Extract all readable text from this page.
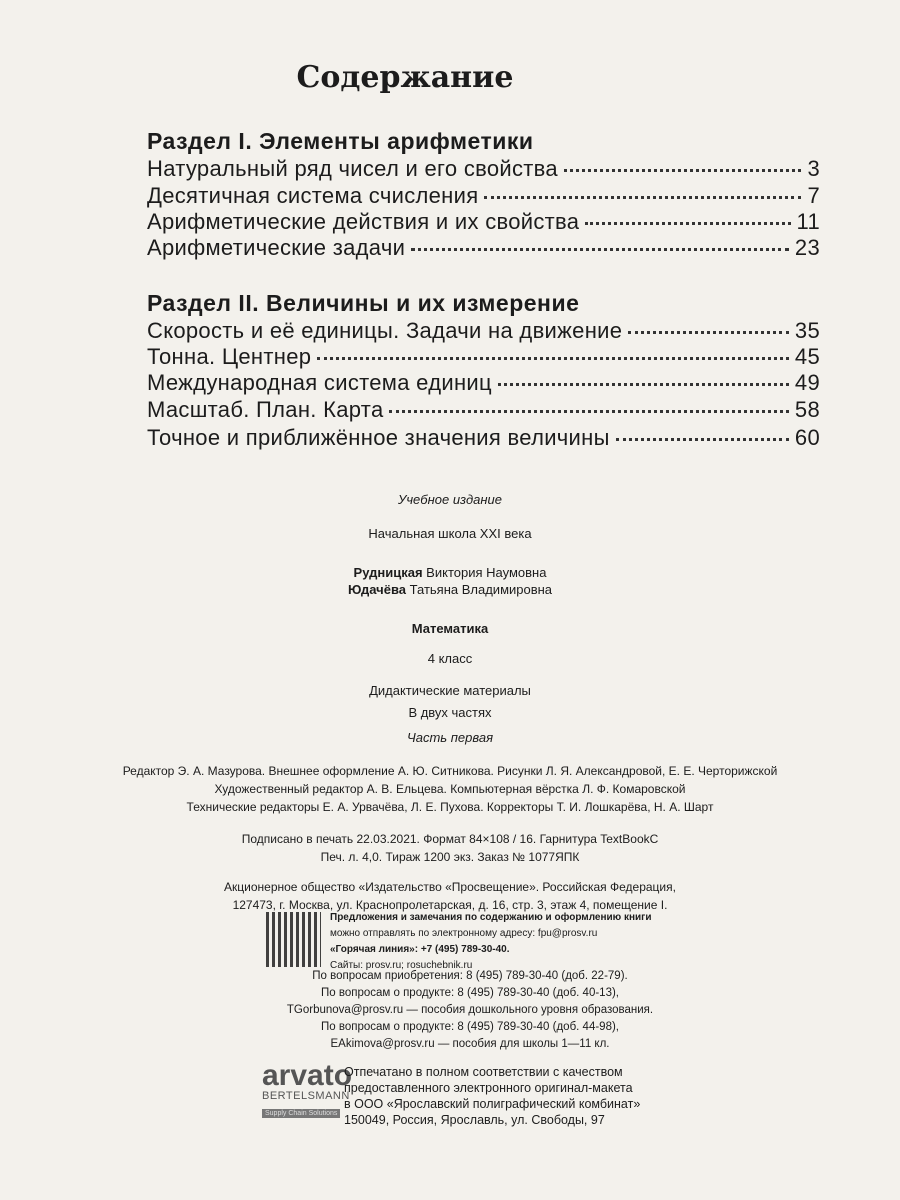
Содержание
Раздел I. Элементы арифметики
Натуральный ряд чисел и его свойства	3
Десятичная система счисления	7
Арифметические действия и их свойства	11
Арифметические задачи	23
Раздел II. Величины и их измерение
Скорость и её единицы. Задачи на движение	35
Тонна. Центнер	45
Международная система единиц	49
Масштаб. План. Карта	58
Точное и приближённое значения величины	60
Учебное издание
Начальная школа XXI века
Рудницкая Виктория Наумовна
Юдачёва Татьяна Владимировна
Математика
4 класс
Дидактические материалы
В двух частях
Часть первая
Редактор Э. А. Мазурова. Внешнее оформление А. Ю. Ситникова. Рисунки Л. Я. Александровой, Е. Е. Черторижской
Художественный редактор А. В. Ельцева. Компьютерная вёрстка Л. Ф. Комаровской
Технические редакторы Е. А. Урвачёва, Л. Е. Пухова. Корректоры Т. И. Лошкарёва, Н. А. Шарт
Подписано в печать 22.03.2021. Формат 84×108 / 16. Гарнитура TextBookC
Печ. л. 4,0. Тираж 1200 экз. Заказ № 1077ЯПК
Акционерное общество «Издательство «Просвещение». Российская Федерация,
127473, г. Москва, ул. Краснопролетарская, д. 16, стр. 3, этаж 4, помещение I.
Предложения и замечания по содержанию и оформлению книги
можно отправлять по электронному адресу: fpu@prosv.ru
«Горячая линия»: +7 (495) 789-30-40.
Сайты: prosv.ru; rosuchebnik.ru
По вопросам приобретения: 8 (495) 789-30-40 (доб. 22-79).
По вопросам о продукте: 8 (495) 789-30-40 (доб. 40-13),
TGorbunova@prosv.ru — пособия дошкольного уровня образования.
По вопросам о продукте: 8 (495) 789-30-40 (доб. 44-98),
EAkimova@prosv.ru — пособия для школы 1—11 кл.
arvato
BERTELSMANN
Supply Chain Solutions
Отпечатано в полном соответствии с качеством
предоставленного электронного оригинал-макета
в ООО «Ярославский полиграфический комбинат»
150049, Россия, Ярославль, ул. Свободы, 97
